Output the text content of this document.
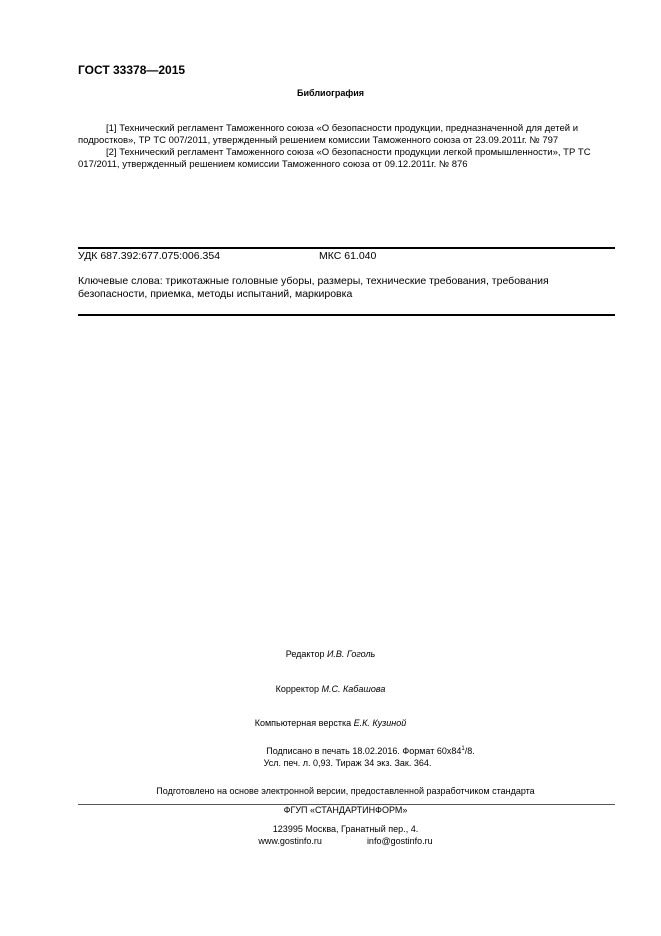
ГОСТ 33378—2015
Библиография

[1] Технический регламент Таможенного союза «О безопасности продукции, предназначенной для детей и подростков», ТР ТС 007/2011, утвержденный решением комиссии Таможенного союза от 23.09.2011г. № 797

[2] Технический регламент Таможенного союза «О безопасности продукции легкой промышленности», ТР ТС 017/2011, утвержденный решением комиссии Таможенного союза от 09.12.2011г. № 876

УДК 687.392:677.075:006.354	МКС 61.040
Ключевые слова: трикотажные головные уборы, размеры, технические требования, требования безопасности, приемка, методы испытаний, маркировка
Редактор И.В. Гоголь
Корректор М.С. Кабашова
Компьютерная верстка Е.К. Кузиной
Подписано в печать 18.02.2016. Формат $60x84^1/8$.
Усл. печ. л. 0,93. Тираж 34 экз. Зак. 364.
Подготовлено на основе электронной версии, предоставленной разработчиком стандарта
ФГУП «СТАНДАРТИНФОРМ»
123995 Москва, Гранатный пер., 4.
www.gostinfo.ru	info@gostinfo.ru
